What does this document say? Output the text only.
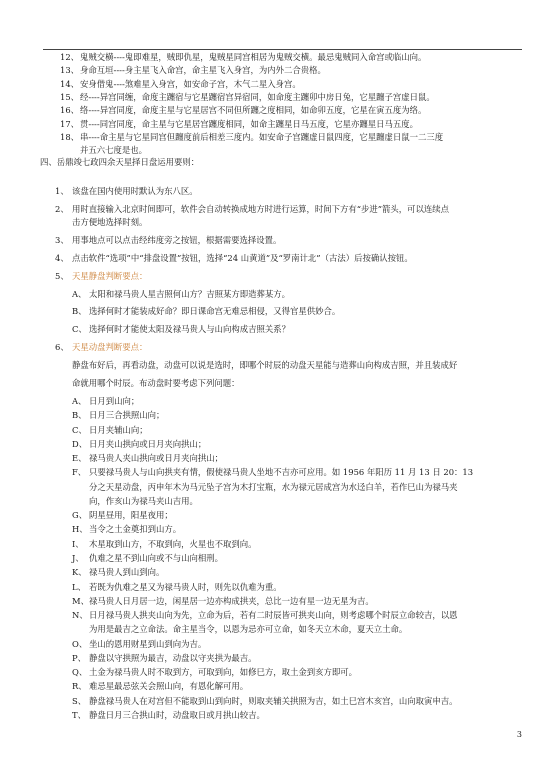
12、鬼贼交横----鬼即难星，贼即仇星，鬼贼星同宫相居为鬼贼交横。最忌鬼贼同入命宫或临山向。
13、身命互垣----身主星飞入命宫，命主星飞入身宫，为内外二合贵格。
14、安身借鬼----煞难星入身宫，如安命子宫，木气二星入身宫。
15、经----异宫同缠，命度主躔宿与它星躔宿宫异宿同，如命度主躔卯中房日兔，它星躔子宫虚日鼠。
16、络----异宫同度，命度主星与它星居宫不同但所躔之度相同，如命卯五度，它星在寅五度为络。
17、贯----同宫同度，命主星与它星居宫躔度相同，如命主躔星日马五度，它星亦躔星日马五度。
18、串----命主星与它星同宫但躔度前后相差三度内。如安命子宫躔虚日鼠四度，它星躔虚日鼠一二三度
并五六七度是也。
四、岳鼎竣七政四余天星择日盘运用要则：
1、 该盘在国内使用时默认为东八区。
2、 用时直接输入北京时间即可，软件会自动转换成地方时进行运算，时间下方有“步进”箭头，可以连续点
击方便地选择时刻。
3、 用事地点可以点击经纬度旁之按钮，根据需要选择设置。
4、 点击软件“选项”中“排盘设置”按钮，选择“24 山黄道”及“罗南计北”（古法）后按确认按钮。
5、 天星静盘判断要点：
A、 太阳和禄马贵人星吉照何山方？吉照某方即造葬某方。
B、 选择何时才能装成好命？即日课命宫无难忌相侵，又得官星供妙合。
C、 选择何时才能使太阳及禄马贵人与山向构成吉照关系？
6、 天星动盘判断要点：
静盘布好后，再看动盘，动盘可以说是选时，即哪个时辰的动盘天星能与造葬山向构成吉照，并且装成好
命就用哪个时辰。布动盘时要考虑下列问题：
A、 日月到山向；
B、 日月三合拱照山向；
C、 日月夹辅山向；
D、 日月夹山拱向或日月夹向拱山；
E、 禄马贵人夹山拱向或日月夹向拱山；
F、 只要禄马贵人与山向拱夹有情，假使禄马贵人坐地不吉亦可应用。如 1956 年阳历 11 月 13 日 20：13
分之天星动盘，丙申年木为马元坠子宫为木打宝瓶，水为禄元居成宫为水迳白羊，若作巳山为禄马夹
向，作亥山为禄马夹山吉用。
G、 阴星昼用，阳星夜用；
H、当令之土金奠扣到山方。
I、 木星取到山方，不取到向，火星也不取到向。
J、 仇难之星不到山向或不与山向相刑。
K、 禄马贵人到山到向。
L、 若既为仇难之星又为禄马贵人时，则先以仇难为重。
M、禄马贵人日月居一边，闲星居一边亦构成拱夹，总比一边有星一边无星为吉。
N、日月禄马贵人拱夹山向为先，立命为后，若有二时辰皆可拱夹山向，则考虑哪个时辰立命较吉，以恩
为用是最吉之立命法。命主星当令，以恩为忌亦可立命，如冬天立木命，夏天立土命。
O、 坐山的恩用财星到山到向为吉。
P、 静盘以守拱照为最吉，动盘以守夹拱为最吉。
Q、 土金为禄马贵人时不取到方，可取到向，如修巳方，取土金到亥方即可。
R、 难忌星最忌弦关会照山向，有恩化解可用。
S、 静盘禄马贵人在对宫但不能取到山到向时，则取夹辅关拱照为吉，如土巳宫木亥宫，山向取寅申吉。
T、 静盘日月三合拱山时，动盘取日或月拱山较吉。
3
